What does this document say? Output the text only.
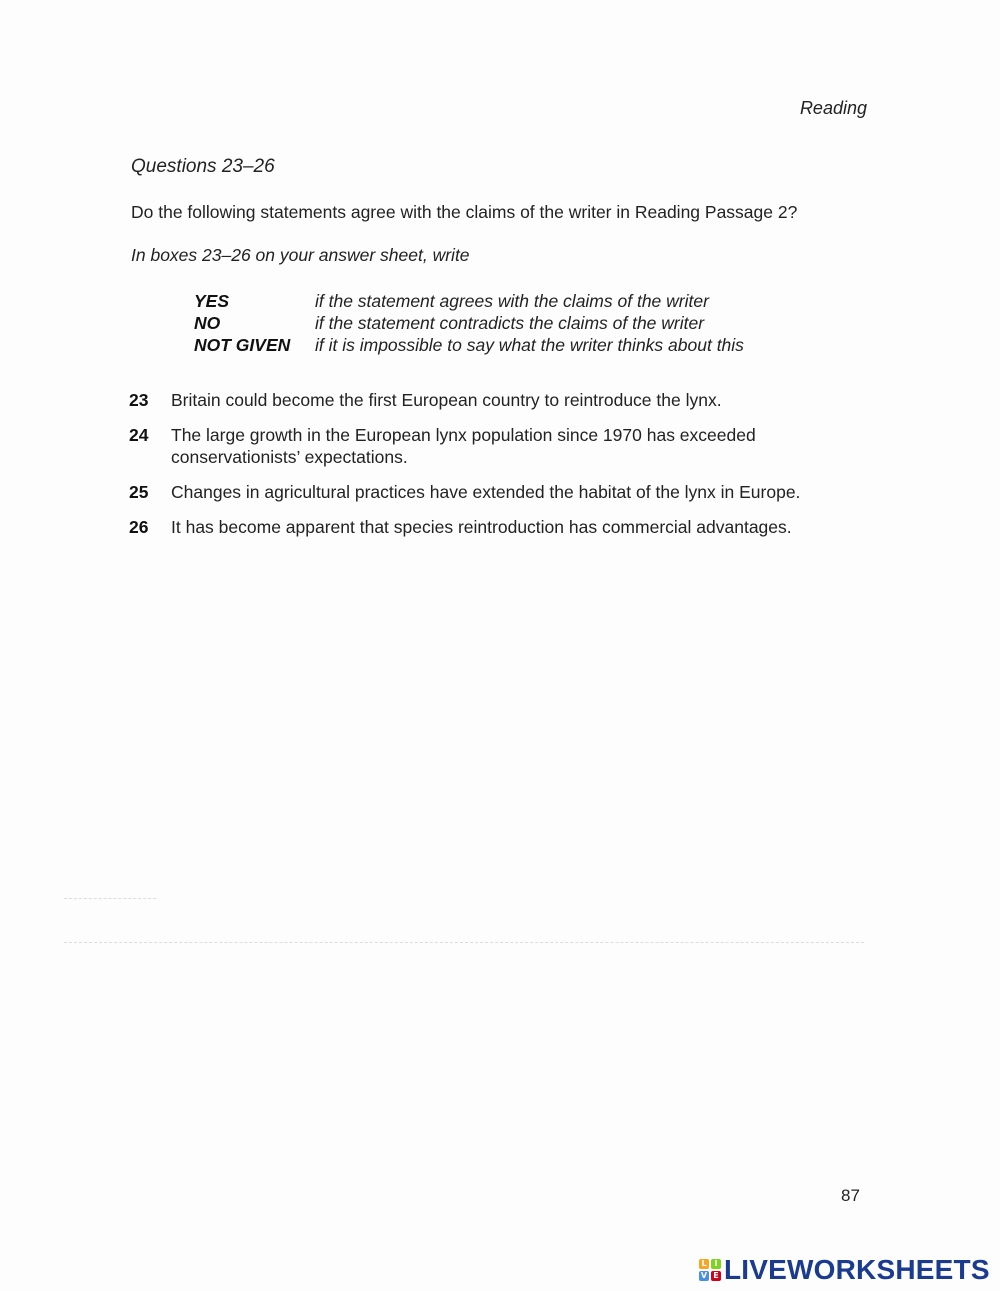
Reading
Questions 23–26
Do the following statements agree with the claims of the writer in Reading Passage 2?
In boxes 23–26 on your answer sheet, write
YES	if the statement agrees with the claims of the writer
NO	if the statement contradicts the claims of the writer
NOT GIVEN	if it is impossible to say what the writer thinks about this
23	Britain could become the first European country to reintroduce the lynx.
24	The large growth in the European lynx population since 1970 has exceeded conservationists’ expectations.
25	Changes in agricultural practices have extended the habitat of the lynx in Europe.
26	It has become apparent that species reintroduction has commercial advantages.
87
L I
V E LIVEWORKSHEETS
